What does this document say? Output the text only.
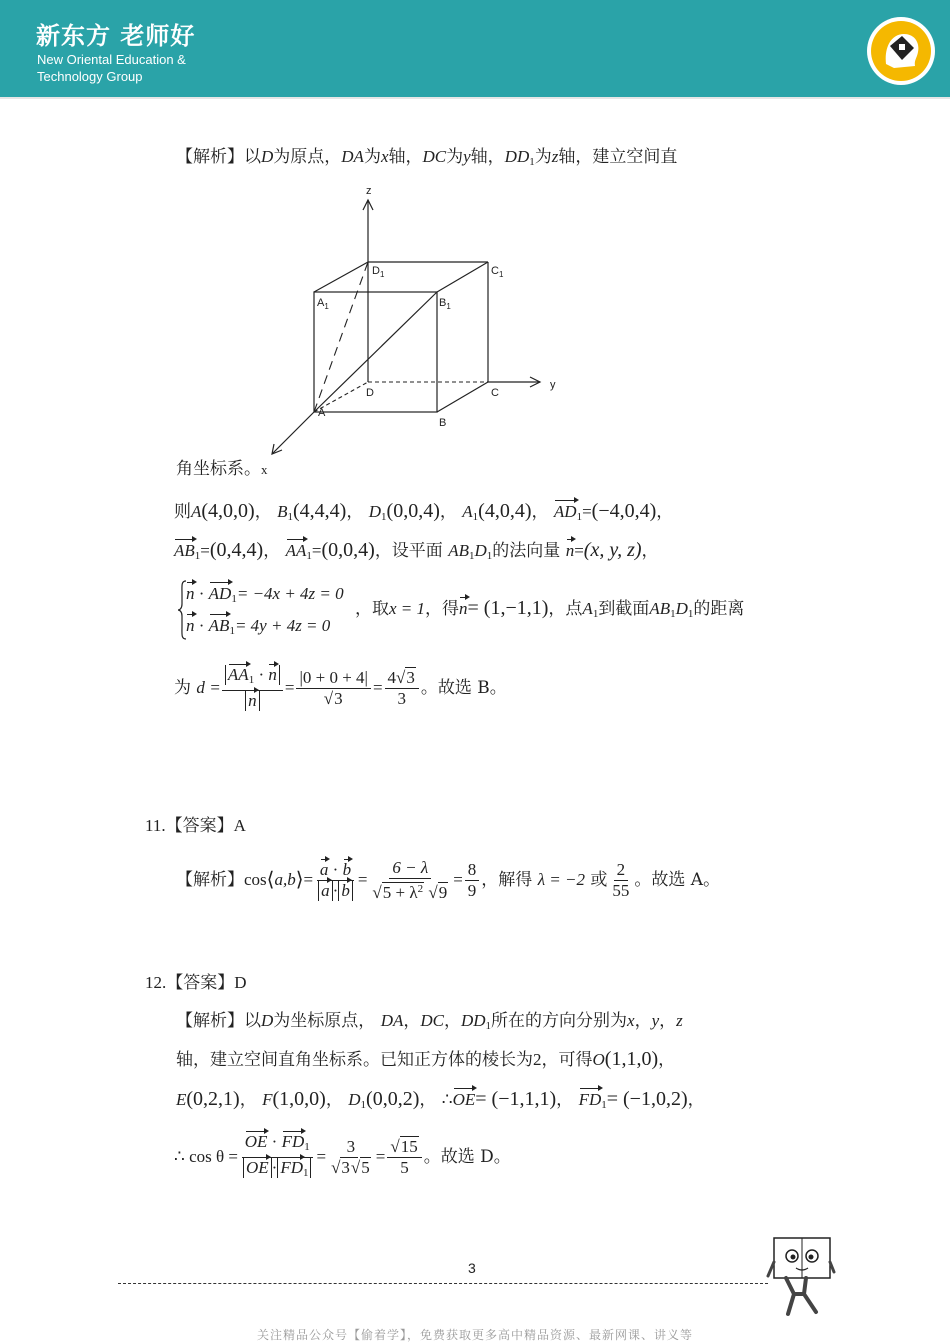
新东方 老师好
New Oriental Education &
Technology Group
【解析】以D为原点，DA为x轴，DC为y轴，$DD_1$为z轴，建立空间直
z
y
A
B
C
D
$A_1$	$B_1$
$C_1$
$D_1$
角坐标系。x
则A(4,0,0)， $B_1(4,4,4)$， $D_1(0,0,4)$， $A_1(4,0,4)$， $AD_1=(-4,0,4)$，
$AB_1=(0,4,4)$， $AA_1=(0,0,4)$，设平面 $AB_1D_1$的法向量 n=(x, y, z)，
$n \cdot AD_1= -4x + 4z = 0$
$n \cdot AB_1= 4y + 4z = 0$
，取x = 1，得n= (1,−1,1)，点$A_1$到截面$AB_1D_1$的距离
为
d
= $\frac{AA_1 \cdot n}{n} = \frac{|0 + 0 + 4|}{√3} = \frac{4√3}{3}$ 。故选 B。
11.【答案】A
【解析】 cos ⟨ a,b ⟩ = $\frac{a \cdot b}{a \cdot b} = \frac{6 - \lambda}{√5 + \lambda^2 √9} = \frac{8}{9}$ ，解得
λ = −2
或 $\frac{2}{55}$ 。故选 A。
12.【答案】D
【解析】以D为坐标原点， DA，DC，$DD_1$所在的方向分别为x，y，z
轴，建立空间直角坐标系。已知正方体的棱长为2，可得O(1,1,0)，
E(0,2,1)， F(1,0,0)， $D_1(0,0,2)$， ∴OE= (−1,1,1)， $FD_1= (-1,0,2)$，
∴ $\cos \theta = \frac{OE \cdot FD_1}{OE \cdot FD_1} = \frac{3}{√3√5} = \frac{√15}{5}$ 。故选 D。
3
关注精品公众号【偷着学】，免费获取更多高中精品资源、最新网课、讲义等
